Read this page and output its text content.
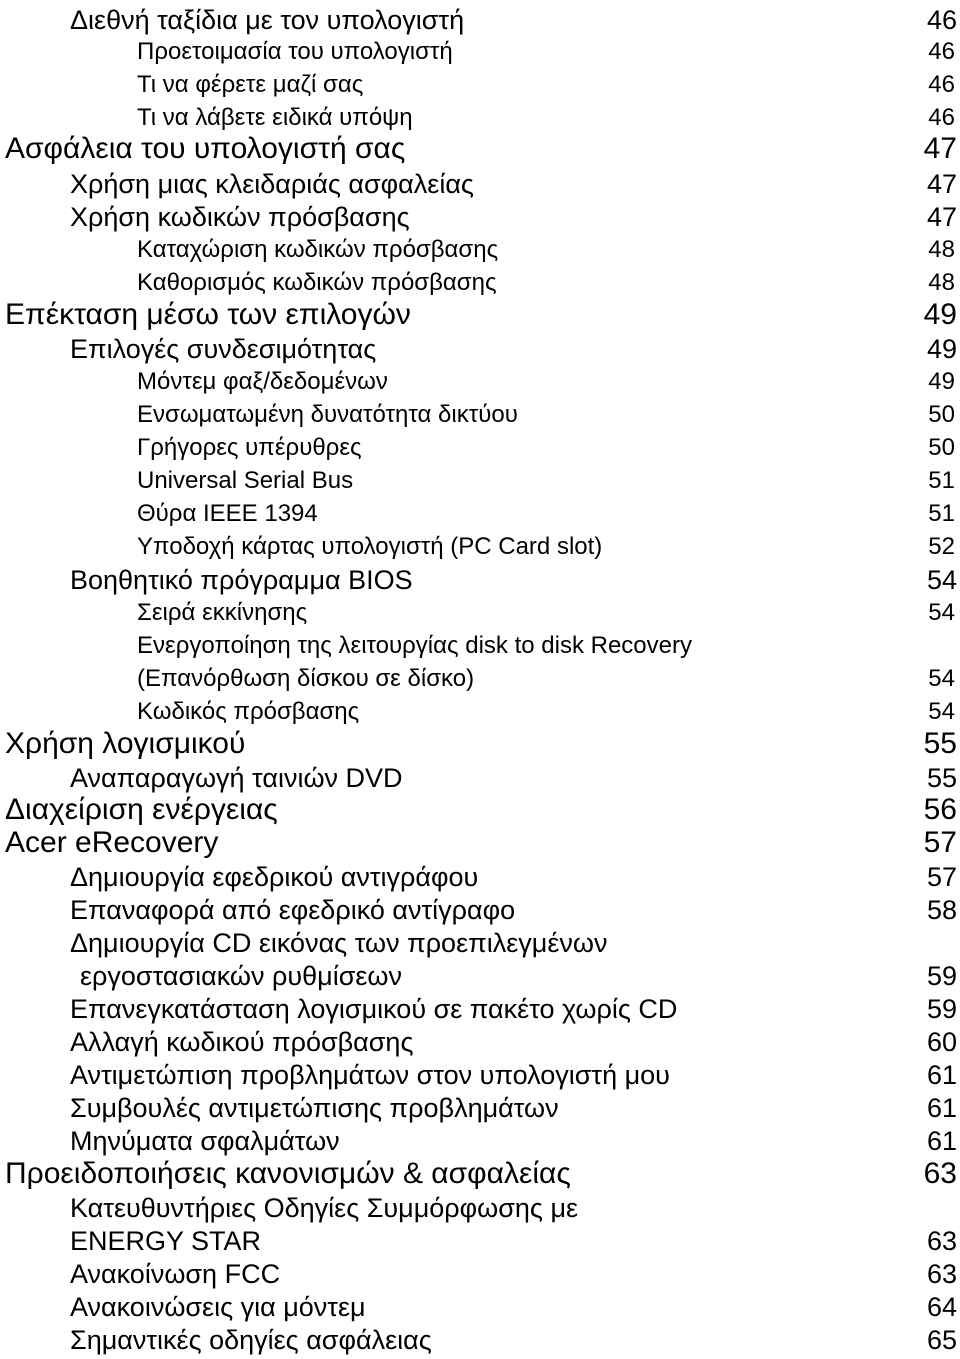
Διεθνή ταξίδια με τον υπολογιστή	46
Προετοιμασία του υπολογιστή	46
Τι να φέρετε μαζί σας	46
Τι να λάβετε ειδικά υπόψη	46
Ασφάλεια του υπολογιστή σας	47
Χρήση μιας κλειδαριάς ασφαλείας	47
Χρήση κωδικών πρόσβασης	47
Καταχώριση κωδικών πρόσβασης	48
Καθορισμός κωδικών πρόσβασης	48
Επέκταση μέσω των επιλογών	49
Επιλογές συνδεσιμότητας	49
Μόντεμ φαξ/δεδομένων	49
Ενσωματωμένη δυνατότητα δικτύου	50
Γρήγορες υπέρυθρες	50
Universal Serial Bus	51
Θύρα IEEE 1394	51
Υποδοχή κάρτας υπολογιστή (PC Card slot)	52
Βοηθητικό πρόγραμμα BIOS	54
Σειρά εκκίνησης	54
Ενεργοποίηση της λειτουργίας disk to disk Recovery
(Επανόρθωση δίσκου σε δίσκο)	54
Κωδικός πρόσβασης	54
Χρήση λογισμικού	55
Αναπαραγωγή ταινιών DVD	55
Διαχείριση ενέργειας	56
Acer eRecovery	57
Δημιουργία εφεδρικού αντιγράφου	57
Επαναφορά από εφεδρικό αντίγραφο	58
Δημιουργία CD εικόνας των προεπιλεγμένων
εργοστασιακών ρυθμίσεων	59
Επανεγκατάσταση λογισμικού σε πακέτο χωρίς CD	59
Αλλαγή κωδικού πρόσβασης	60
Αντιμετώπιση προβλημάτων στον υπολογιστή μου	61
Συμβουλές αντιμετώπισης προβλημάτων	61
Μηνύματα σφαλμάτων	61
Προειδοποιήσεις κανονισμών & ασφαλείας	63
Κατευθυντήριες Οδηγίες Συμμόρφωσης με
ENERGY STAR	63
Ανακοίνωση FCC	63
Ανακοινώσεις για μόντεμ	64
Σημαντικές οδηγίες ασφάλειας	65
